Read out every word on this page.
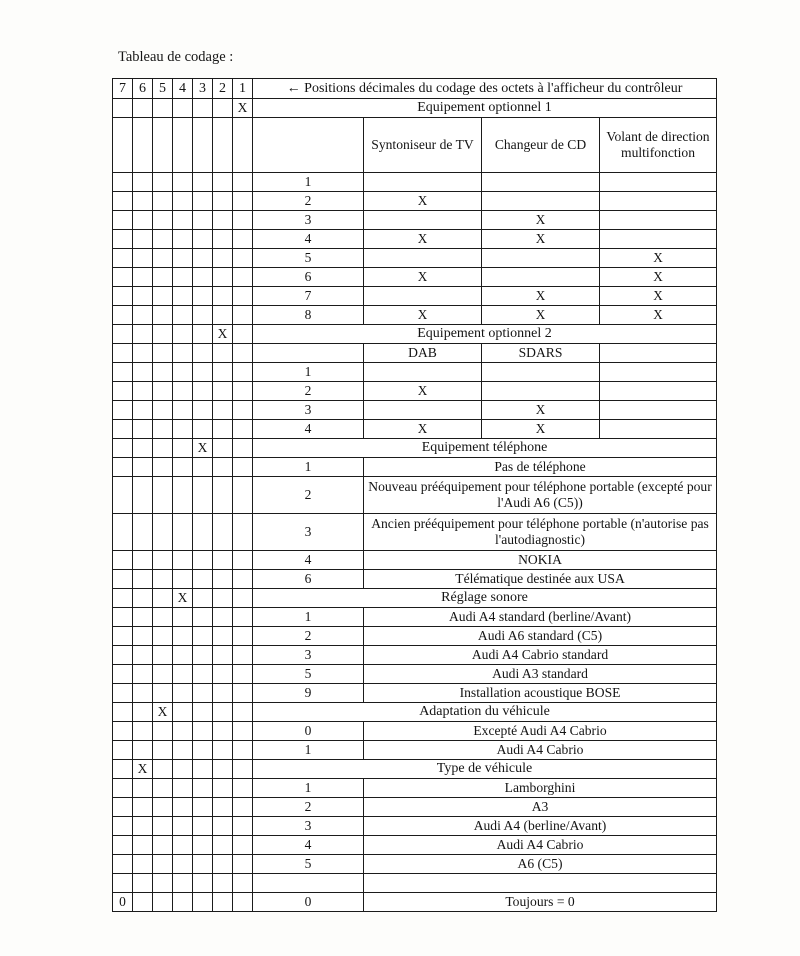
Tableau de codage :
7	6	5	4	3	2	1	← Positions décimales du codage des octets à l'afficheur du contrôleur			
						X	Equipement optionnel 1			
								Syntoniseur de TV	Changeur de CD	Volant de direction multifonction
							1			
							2	X		
							3		X	
							4	X	X	
							5			X
							6	X		X
							7		X	X
							8	X	X	X
					X		Equipement optionnel 2			
								DAB	SDARS	
							1			
							2	X		
							3		X	
							4	X	X	
				X			Equipement téléphone			
							1	Pas de téléphone		
							2	Nouveau prééquipement pour téléphone portable (excepté pour l'Audi A6 (C5))		
							3	Ancien prééquipement pour téléphone portable (n'autorise pas l'autodiagnostic)		
							4	NOKIA		
							6	Télématique destinée aux USA		
			X				Réglage sonore			
							1	Audi A4 standard (berline/Avant)		
							2	Audi A6 standard (C5)		
							3	Audi A4 Cabrio standard		
							5	Audi A3 standard		
							9	Installation acoustique BOSE		
		X					Adaptation du véhicule			
							0	Excepté Audi A4 Cabrio		
							1	Audi A4 Cabrio		
	X						Type de véhicule			
							1	Lamborghini		
							2	A3		
							3	Audi A4 (berline/Avant)		
							4	Audi A4 Cabrio		
							5	A6 (C5)		

0							0	Toujours = 0		
